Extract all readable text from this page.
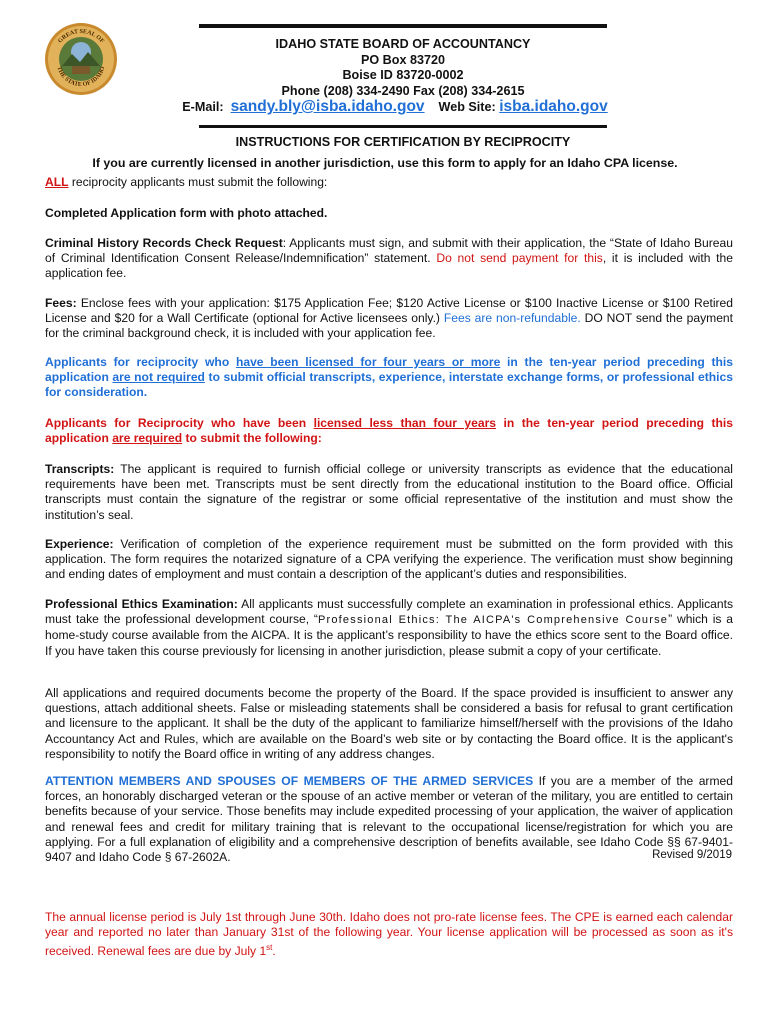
GREAT SEAL OF
THE STATE OF IDAHO
IDAHO STATE BOARD OF ACCOUNTANCY
PO Box 83720
Boise ID 83720-0002
Phone (208) 334-2490 Fax (208) 334-2615
E-Mail: sandy.bly@isba.idaho.gov Web Site: isba.idaho.gov
INSTRUCTIONS FOR CERTIFICATION BY RECIPROCITY
If you are currently licensed in another jurisdiction, use this form to apply for an Idaho CPA license.
ALL reciprocity applicants must submit the following:
Completed Application form with photo attached.
Criminal History Records Check Request: Applicants must sign, and submit with their application, the “State of Idaho Bureau of Criminal Identification Consent Release/Indemnification” statement. Do not send payment for this, it is included with the application fee.
Fees: Enclose fees with your application: $175 Application Fee; $120 Active License or $100 Inactive License or $100 Retired License and $20 for a Wall Certificate (optional for Active licensees only.) Fees are non-refundable. DO NOT send the payment for the criminal background check, it is included with your application fee.
Applicants for reciprocity who have been licensed for four years or more in the ten-year period preceding this application are not required to submit official transcripts, experience, interstate exchange forms, or professional ethics for consideration.
Applicants for Reciprocity who have been licensed less than four years in the ten-year period preceding this application are required to submit the following:
Transcripts: The applicant is required to furnish official college or university transcripts as evidence that the educational requirements have been met. Transcripts must be sent directly from the educational institution to the Board office. Official transcripts must contain the signature of the registrar or some official representative of the institution and must show the institution’s seal.
Experience: Verification of completion of the experience requirement must be submitted on the form provided with this application. The form requires the notarized signature of a CPA verifying the experience. The verification must show beginning and ending dates of employment and must contain a description of the applicant’s duties and responsibilities.
Professional Ethics Examination: All applicants must successfully complete an examination in professional ethics. Applicants must take the professional development course, “Professional Ethics: The AICPA's Comprehensive Course” which is a home-study course available from the AICPA. It is the applicant’s responsibility to have the ethics score sent to the Board office. If you have taken this course previously for licensing in another jurisdiction, please submit a copy of your certificate.
All applications and required documents become the property of the Board. If the space provided is insufficient to answer any questions, attach additional sheets. False or misleading statements shall be considered a basis for refusal to grant certification and licensure to the applicant. It shall be the duty of the applicant to familiarize himself/herself with the provisions of the Idaho Accountancy Act and Rules, which are available on the Board’s web site or by contacting the Board office. It is the applicant's responsibility to notify the Board office in writing of any address changes.
ATTENTION MEMBERS AND SPOUSES OF MEMBERS OF THE ARMED SERVICES If you are a member of the armed forces, an honorably discharged veteran or the spouse of an active member or veteran of the military, you are entitled to certain benefits because of your service. Those benefits may include expedited processing of your application, the waiver of application and renewal fees and credit for military training that is relevant to the occupational license/registration for which you are applying. For a full explanation of eligibility and a comprehensive description of benefits available, see Idaho Code §§ 67-9401-9407 and Idaho Code § 67-2602A.	Revised 9/2019
The annual license period is July 1st through June 30th. Idaho does not pro-rate license fees. The CPE is earned each calendar year and reported no later than January 31st of the following year. Your license application will be processed as soon as it's received. Renewal fees are due by July 1st.
